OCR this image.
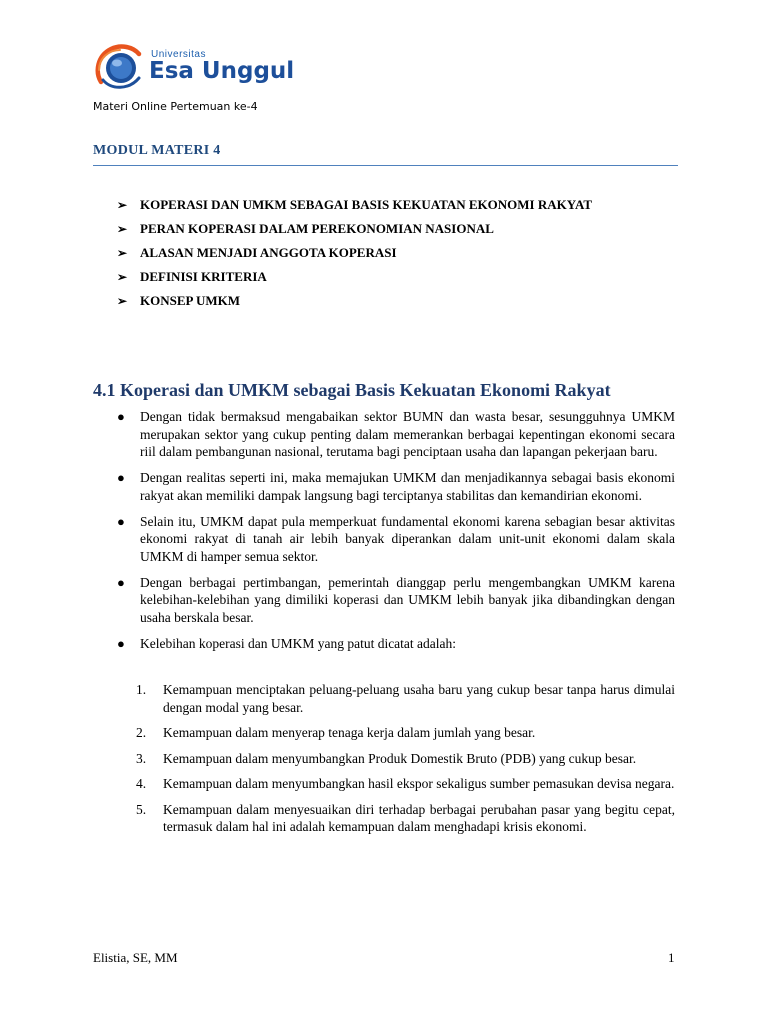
Universitas
Esa Unggul
Materi Online Pertemuan ke-4
MODUL MATERI 4
➢ KOPERASI DAN UMKM SEBAGAI BASIS KEKUATAN EKONOMI RAKYAT
➢ PERAN KOPERASI DALAM PEREKONOMIAN NASIONAL
➢ ALASAN MENJADI ANGGOTA KOPERASI
➢ DEFINISI KRITERIA
➢ KONSEP UMKM
4.1 Koperasi dan UMKM sebagai Basis Kekuatan Ekonomi Rakyat
● Dengan tidak bermaksud mengabaikan sektor BUMN dan wasta besar, sesungguhnya UMKM merupakan sektor yang cukup penting dalam memerankan berbagai kepentingan ekonomi secara riil dalam pembangunan nasional, terutama bagi penciptaan usaha dan lapangan pekerjaan baru.
● Dengan realitas seperti ini, maka memajukan UMKM dan menjadikannya sebagai basis ekonomi rakyat akan memiliki dampak langsung bagi terciptanya stabilitas dan kemandirian ekonomi.
● Selain itu, UMKM dapat pula memperkuat fundamental ekonomi karena sebagian besar aktivitas ekonomi rakyat di tanah air lebih banyak diperankan dalam unit-unit ekonomi dalam skala UMKM di hamper semua sektor.
● Dengan berbagai pertimbangan, pemerintah dianggap perlu mengembangkan UMKM karena kelebihan-kelebihan yang dimiliki koperasi dan UMKM lebih banyak jika dibandingkan dengan usaha berskala besar.
● Kelebihan koperasi dan UMKM yang patut dicatat adalah:
1. Kemampuan menciptakan peluang-peluang usaha baru yang cukup besar tanpa harus dimulai dengan modal yang besar.
2. Kemampuan dalam menyerap tenaga kerja dalam jumlah yang besar.
3. Kemampuan dalam menyumbangkan Produk Domestik Bruto (PDB) yang cukup besar.
4. Kemampuan dalam menyumbangkan hasil ekspor sekaligus sumber pemasukan devisa negara.
5. Kemampuan dalam menyesuaikan diri terhadap berbagai perubahan pasar yang begitu cepat, termasuk dalam hal ini adalah kemampuan dalam menghadapi krisis ekonomi.
Elistia, SE, MM	1
